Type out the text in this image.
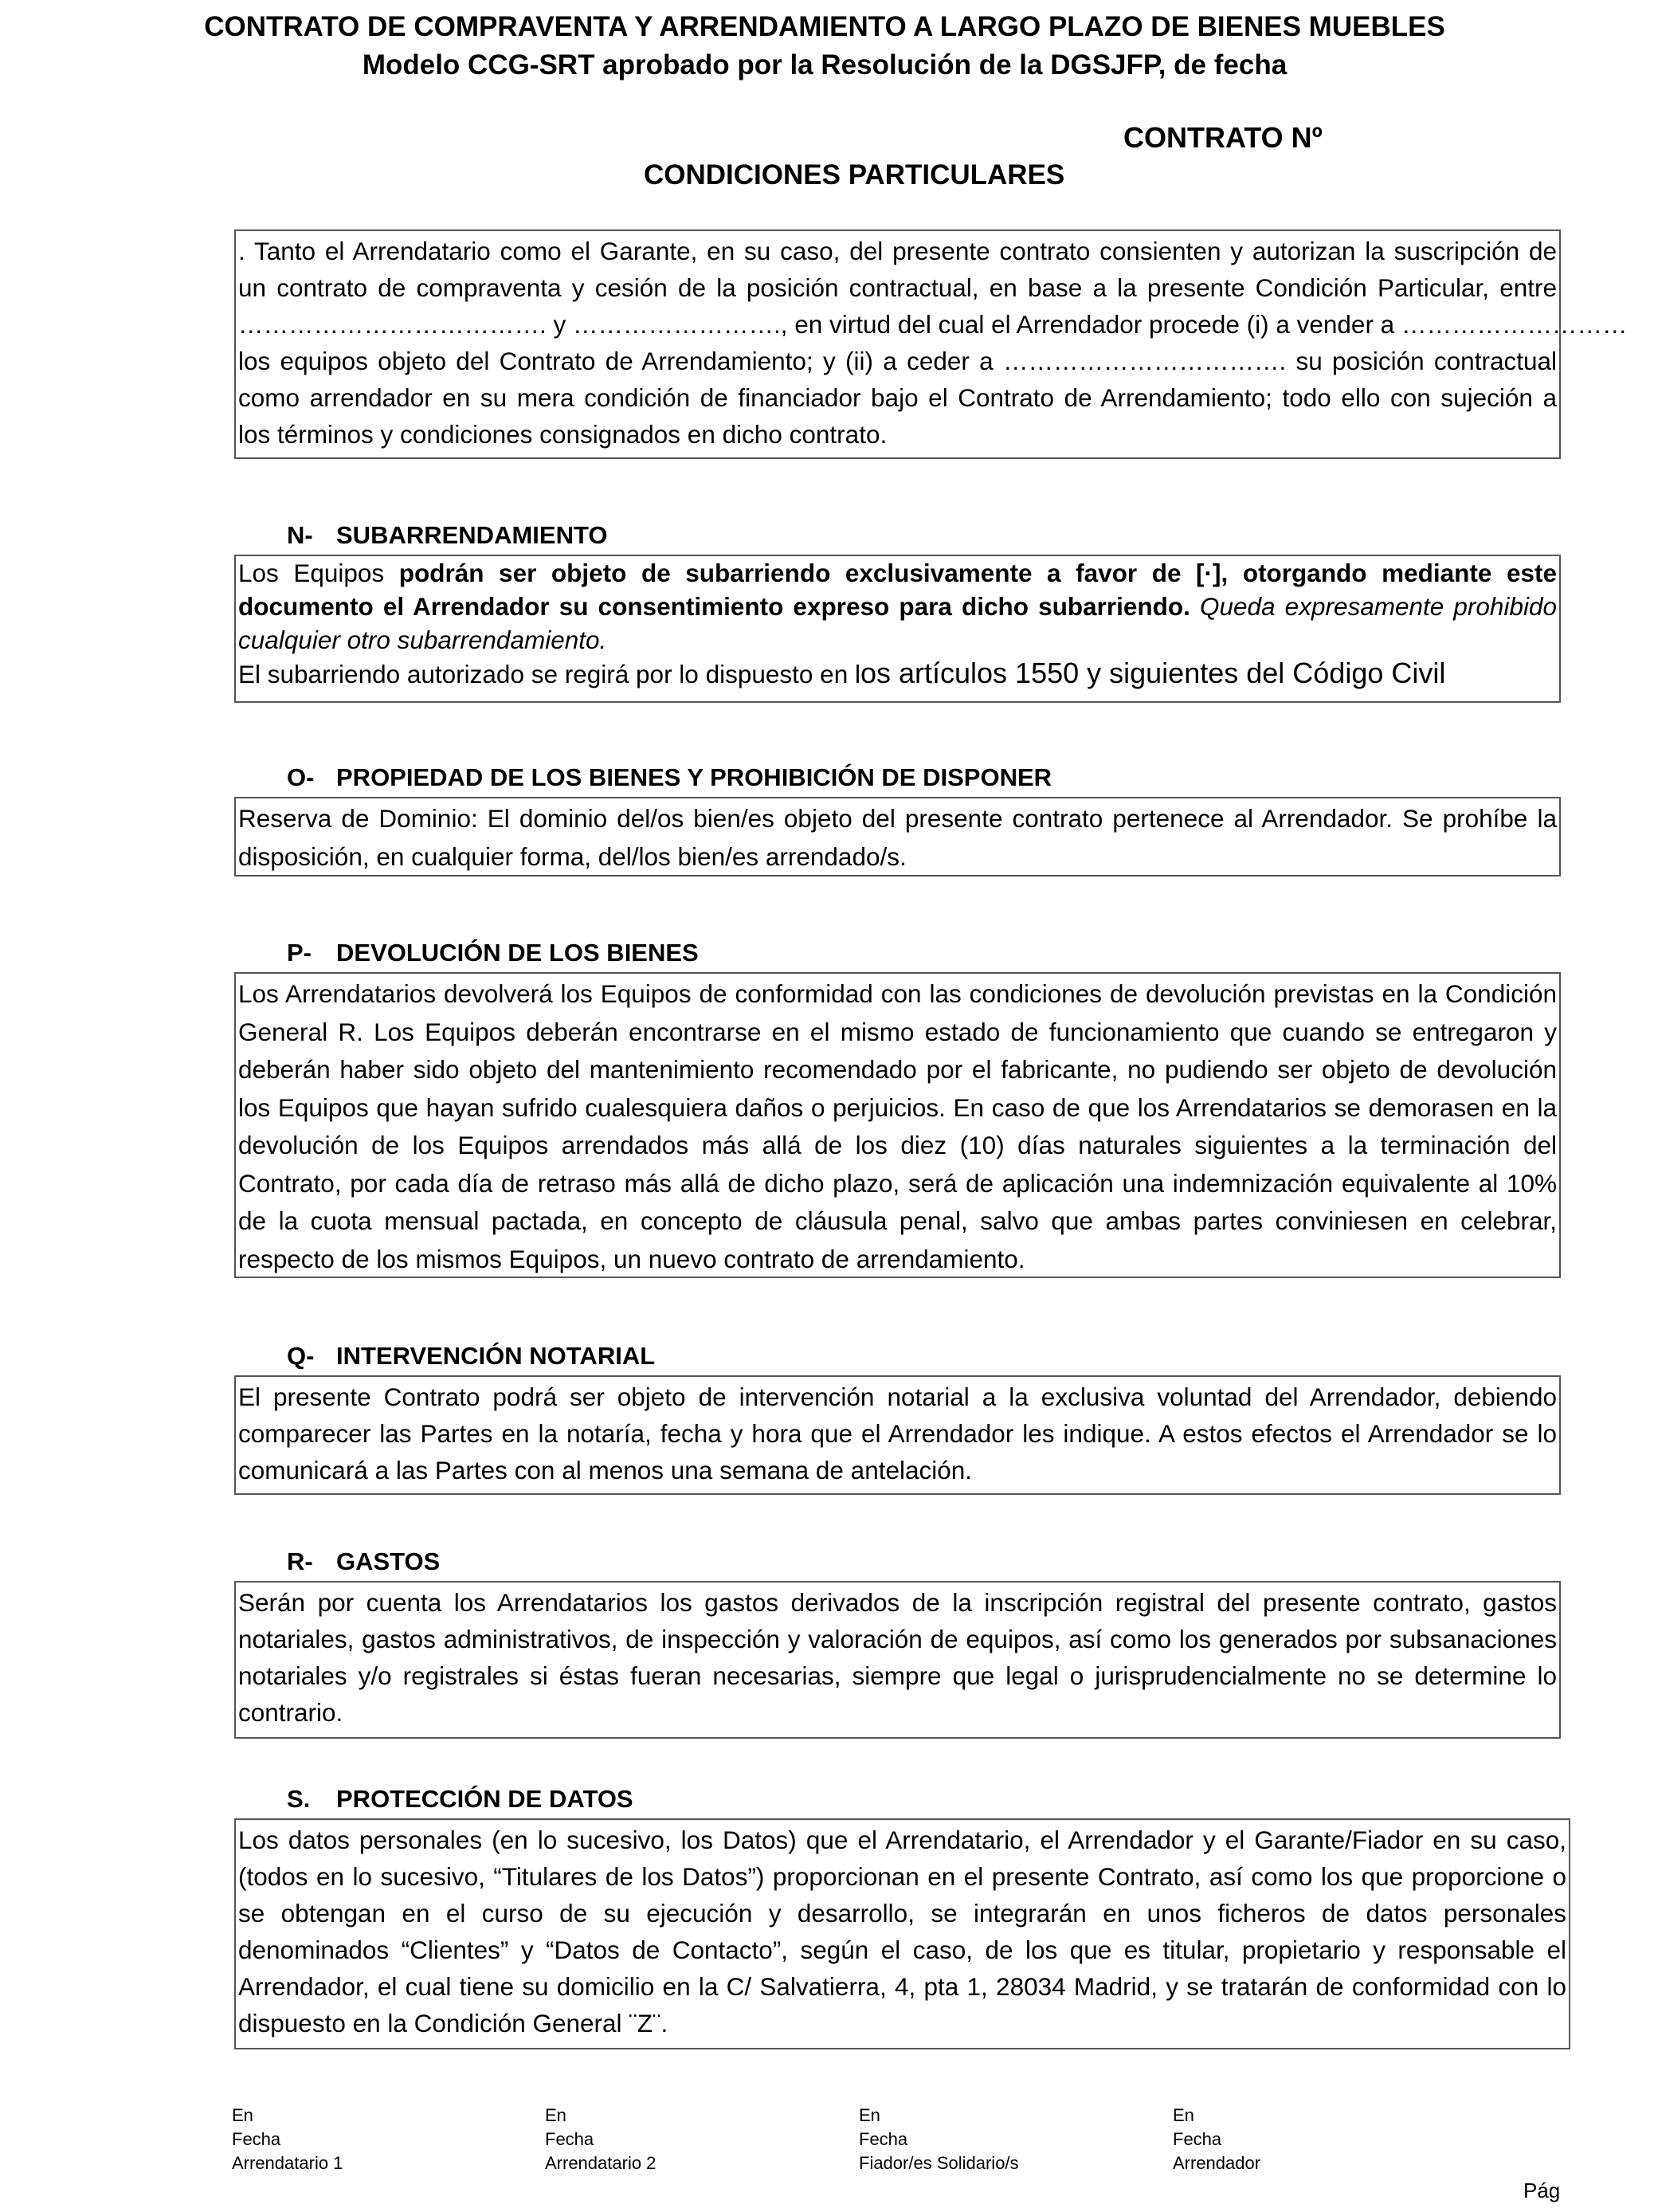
CONTRATO DE COMPRAVENTA Y ARRENDAMIENTO A LARGO PLAZO DE BIENES MUEBLES
Modelo CCG-SRT aprobado por la Resolución de la DGSJFP, de fecha
CONTRATO Nº
CONDICIONES PARTICULARES
. Tanto el Arrendatario como el Garante, en su caso, del presente contrato consienten y autorizan la suscripción de
un contrato de compraventa y cesión de la posición contractual, en base a la presente Condición Particular, entre
………………………………. y ……………………., en virtud del cual el Arrendador procede (i) a vender a ………………………
los equipos objeto del Contrato de Arrendamiento; y (ii) a ceder a ……………………………. su posición contractual
como arrendador en su mera condición de financiador bajo el Contrato de Arrendamiento; todo ello con sujeción a
los términos y condiciones consignados en dicho contrato.
N- SUBARRENDAMIENTO

Los Equipos podrán ser objeto de subarriendo exclusivamente a favor de [·], otorgando mediante este documento el Arrendador su consentimiento expreso para dicho subarriendo. Queda expresamente prohibido cualquier otro subarrendamiento.

El subarriendo autorizado se regirá por lo dispuesto en los artículos 1550 y siguientes del Código Civil

O- PROPIEDAD DE LOS BIENES Y PROHIBICIÓN DE DISPONER

Reserva de Dominio: El dominio del/os bien/es objeto del presente contrato pertenece al Arrendador. Se prohíbe la disposición, en cualquier forma, del/los bien/es arrendado/s.

P- DEVOLUCIÓN DE LOS BIENES

Los Arrendatarios devolverá los Equipos de conformidad con las condiciones de devolución previstas en la Condición General R. Los Equipos deberán encontrarse en el mismo estado de funcionamiento que cuando se entregaron y deberán haber sido objeto del mantenimiento recomendado por el fabricante, no pudiendo ser objeto de devolución los Equipos que hayan sufrido cualesquiera daños o perjuicios. En caso de que los Arrendatarios se demorasen en la devolución de los Equipos arrendados más allá de los diez (10) días naturales siguientes a la terminación del Contrato, por cada día de retraso más allá de dicho plazo, será de aplicación una indemnización equivalente al 10% de la cuota mensual pactada, en concepto de cláusula penal, salvo que ambas partes conviniesen en celebrar, respecto de los mismos Equipos, un nuevo contrato de arrendamiento.

Q- INTERVENCIÓN NOTARIAL

El presente Contrato podrá ser objeto de intervención notarial a la exclusiva voluntad del Arrendador, debiendo comparecer las Partes en la notaría, fecha y hora que el Arrendador les indique. A estos efectos el Arrendador se lo comunicará a las Partes con al menos una semana de antelación.

R- GASTOS

Serán por cuenta los Arrendatarios los gastos derivados de la inscripción registral del presente contrato, gastos notariales, gastos administrativos, de inspección y valoración de equipos, así como los generados por subsanaciones notariales y/o registrales si éstas fueran necesarias, siempre que legal o jurisprudencialmente no se determine lo contrario.

S. PROTECCIÓN DE DATOS

Los datos personales (en lo sucesivo, los Datos) que el Arrendatario, el Arrendador y el Garante/Fiador en su caso, (todos en lo sucesivo, “Titulares de los Datos”) proporcionan en el presente Contrato, así como los que proporcione o se obtengan en el curso de su ejecución y desarrollo, se integrarán en unos ficheros de datos personales denominados “Clientes” y “Datos de Contacto”, según el caso, de los que es titular, propietario y responsable el Arrendador, el cual tiene su domicilio en la C/ Salvatierra, 4, pta 1, 28034 Madrid, y se tratarán de conformidad con lo dispuesto en la Condición General ¨Z¨.

En
Fecha
Arrendatario 1
En
Fecha
Arrendatario 2
En
Fecha
Fiador/es Solidario/s
En
Fecha
Arrendador
Pág
